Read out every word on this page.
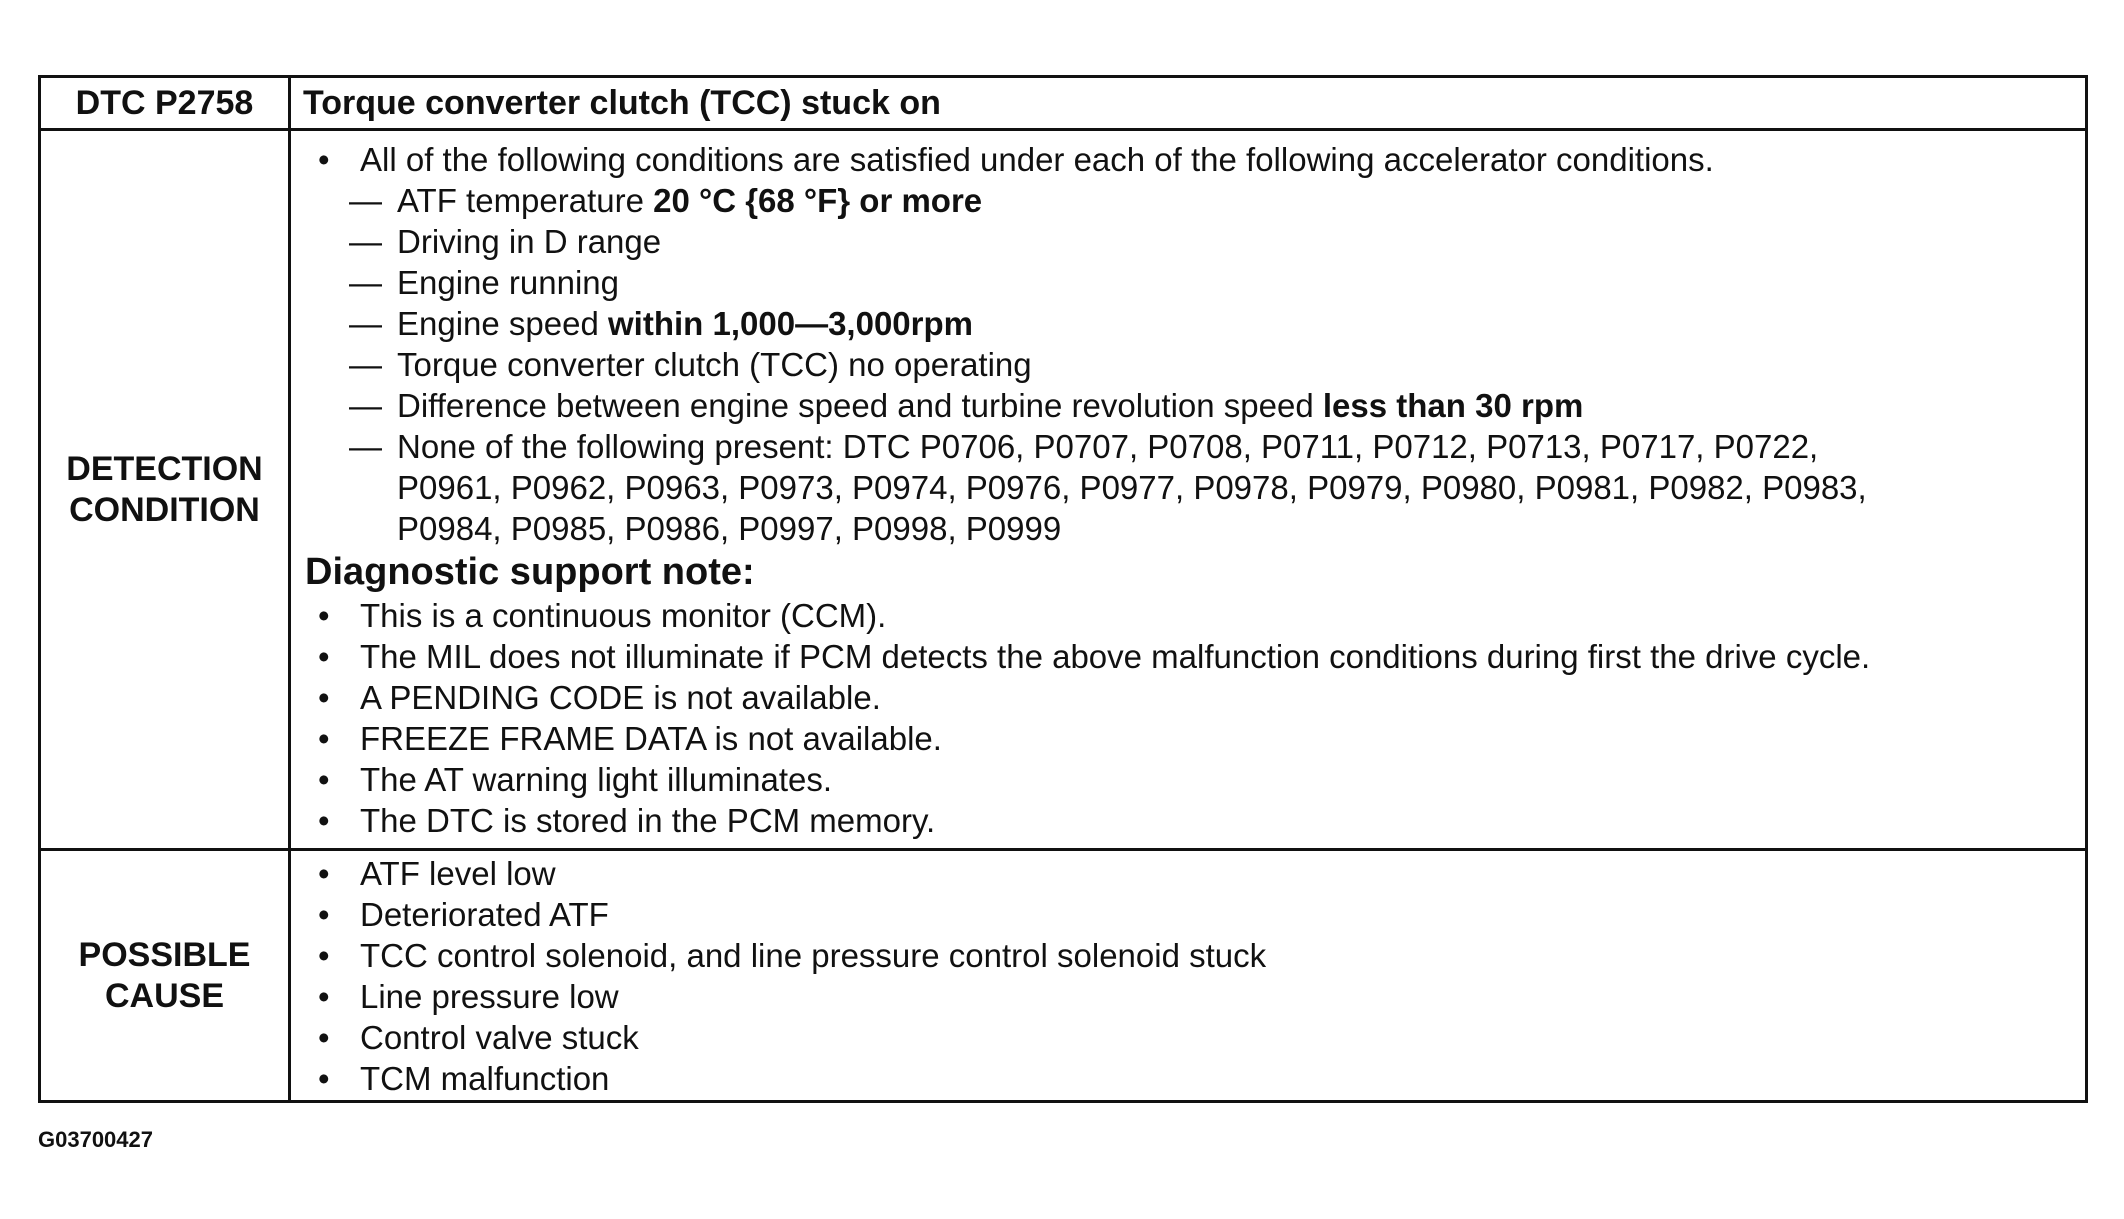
DTC P2758	Torque converter clutch (TCC) stuck on
DETECTION
CONDITION
• All of the following conditions are satisfied under each of the following accelerator conditions.
— ATF temperature 20 °C {68 °F} or more
— Driving in D range
— Engine running
— Engine speed within 1,000—3,000rpm
— Torque converter clutch (TCC) no operating
— Difference between engine speed and turbine revolution speed less than 30 rpm
— None of the following present: DTC P0706, P0707, P0708, P0711, P0712, P0713, P0717, P0722,
P0961, P0962, P0963, P0973, P0974, P0976, P0977, P0978, P0979, P0980, P0981, P0982, P0983,
P0984, P0985, P0986, P0997, P0998, P0999
Diagnostic support note:
• This is a continuous monitor (CCM).
• The MIL does not illuminate if PCM detects the above malfunction conditions during first the drive cycle.
• A PENDING CODE is not available.
• FREEZE FRAME DATA is not available.
• The AT warning light illuminates.
• The DTC is stored in the PCM memory.
POSSIBLE
CAUSE
• ATF level low
• Deteriorated ATF
• TCC control solenoid, and line pressure control solenoid stuck
• Line pressure low
• Control valve stuck
• TCM malfunction
G03700427
